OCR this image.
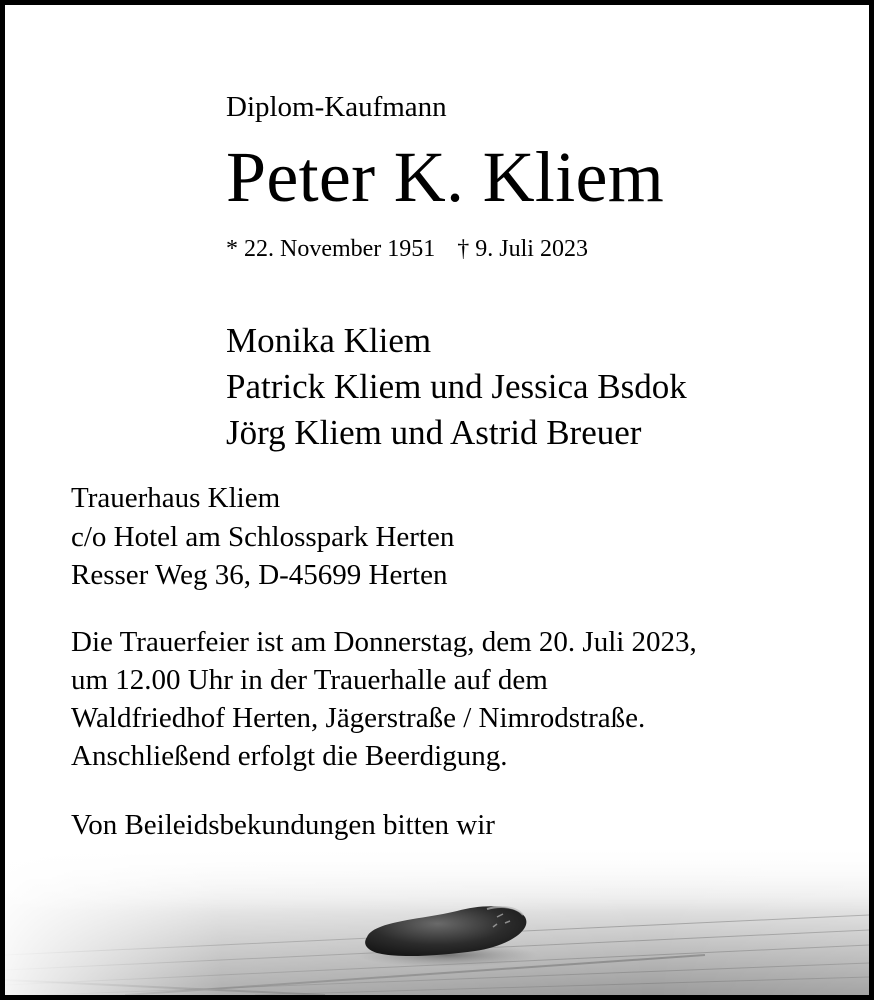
Diplom-Kaufmann

Peter K. Kliem

* 22. November 1951 † 9. Juli 2023

Monika Kliem
Patrick Kliem und Jessica Bsdok
Jörg Kliem und Astrid Breuer
Trauerhaus Kliem
c/o Hotel am Schlosspark Herten
Resser Weg 36, D-45699 Herten
Die Trauerfeier ist am Donnerstag, dem 20. Juli 2023,
um 12.00 Uhr in der Trauerhalle auf dem
Waldfriedhof Herten, Jägerstraße / Nimrodstraße.
Anschließend erfolgt die Beerdigung.
Von Beileidsbekundungen bitten wir
